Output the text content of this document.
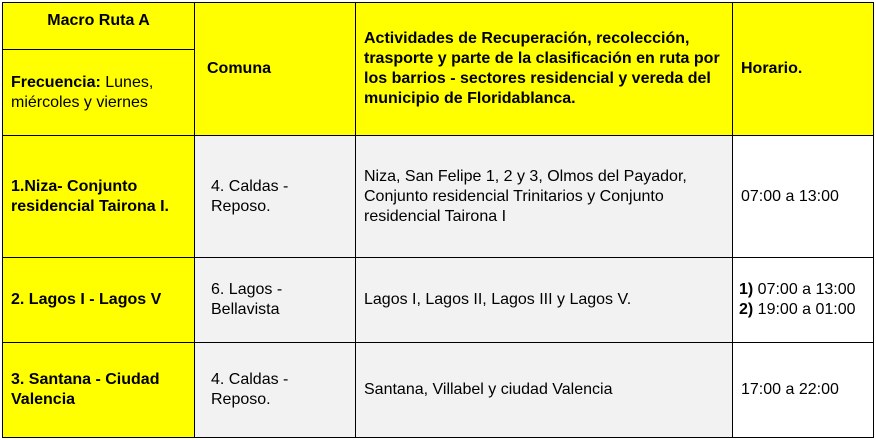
Macro Ruta A	Comuna	Actividades de Recuperación, recolección, trasporte y parte de la clasificación en ruta por los barrios - sectores residencial y vereda del municipio de Floridablanca.	Horario.
Frecuencia: Lunes, miércoles y viernes			
1.Niza- Conjunto residencial Tairona I.	4. Caldas - Reposo.	Niza, San Felipe 1, 2 y 3, Olmos del Payador, Conjunto residencial Trinitarios y Conjunto residencial Tairona I	07:00 a 13:00
2. Lagos I - Lagos V	6. Lagos - Bellavista	Lagos I, Lagos II, Lagos III y Lagos V.	1) 07:00 a 13:00
2) 19:00 a 01:00

3. Santana - Ciudad Valencia	4. Caldas - Reposo.	Santana, Villabel y ciudad Valencia	17:00 a 22:00
